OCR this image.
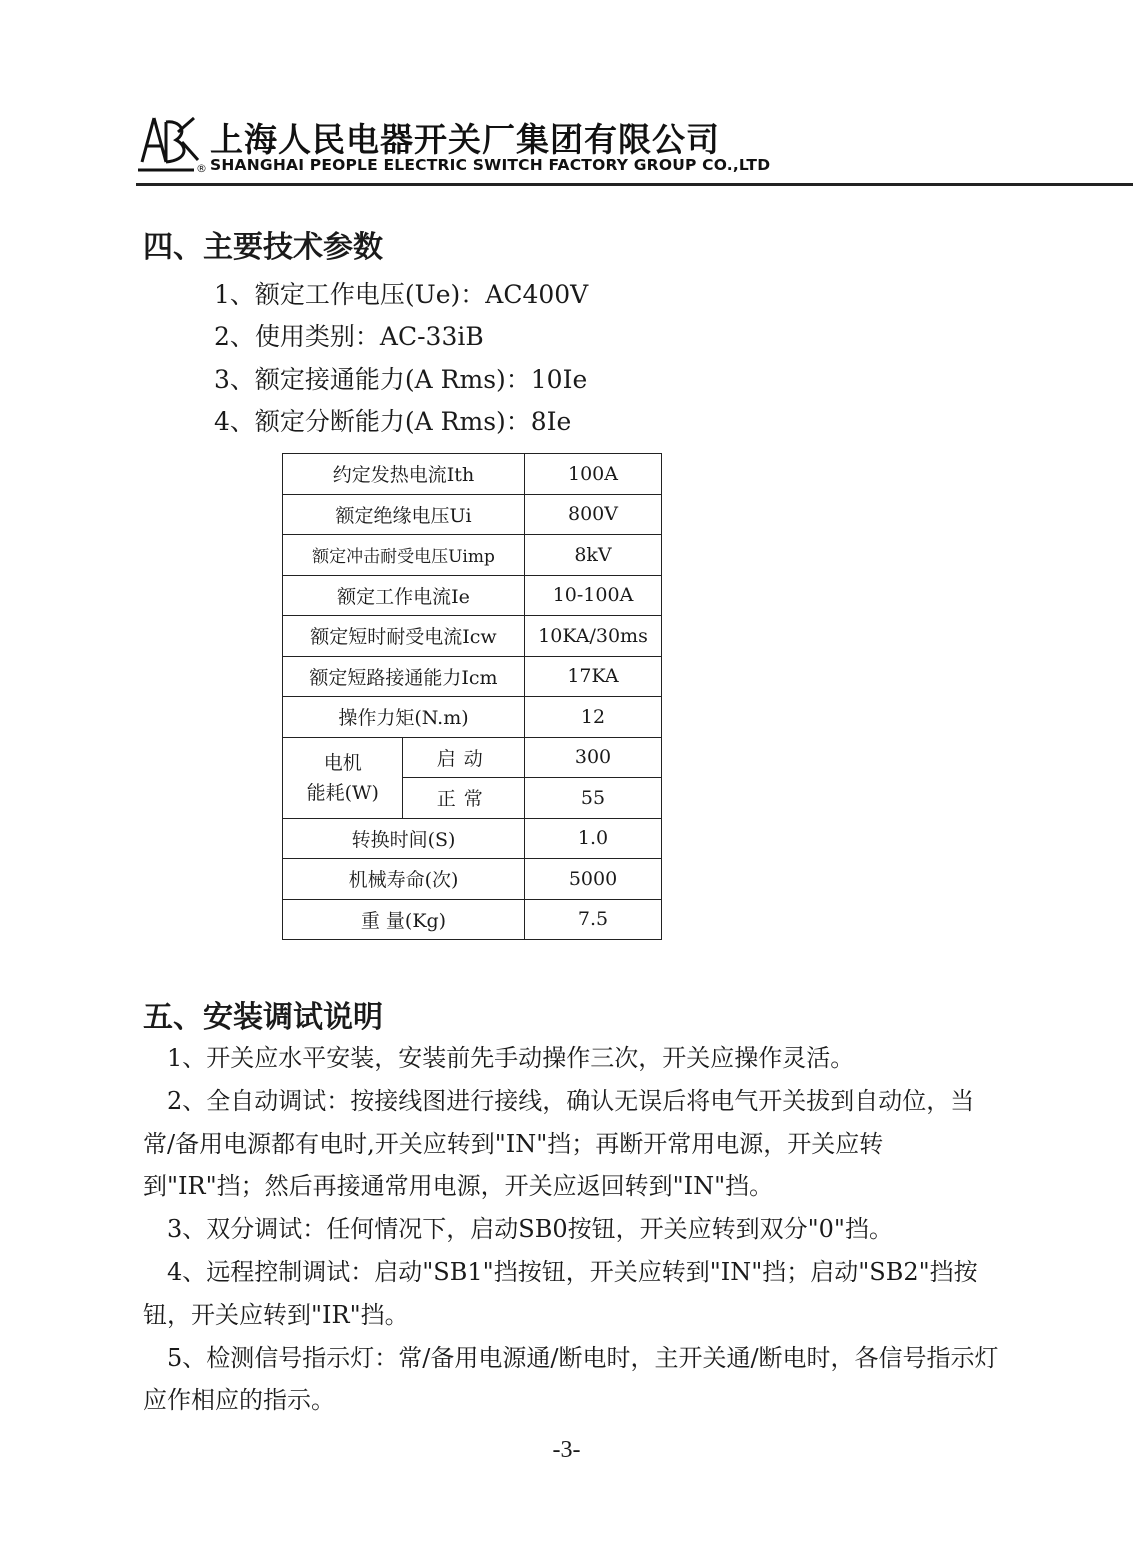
®
上海人民电器开关厂集团有限公司
SHANGHAI PEOPLE ELECTRIC SWITCH FACTORY GROUP CO.,LTD
四、主要技术参数
1、额定工作电压(Ue)：AC400V
2、使用类别：AC-33iB
3、额定接通能力(A Rms)：10Ie
4、额定分断能力(A Rms)：8Ie
约定发热电流Ith		100A
额定绝缘电压Ui		800V
额定冲击耐受电压Uimp		8kV
额定工作电流Ie		10-100A
额定短时耐受电流Icw		10KA/30ms
额定短路接通能力Icm		17KA
操作力矩(N.m)		12
电机
能耗(W)	启动	300
	正常	55
转换时间(S)		1.0
机械寿命(次)		5000
重 量(Kg)		7.5
五、安装调试说明

1、开关应水平安装，安装前先手动操作三次，开关应操作灵活。

2、全自动调试：按接线图进行接线，确认无误后将电气开关拔到自动位，当常/备用电源都有电时,开关应转到"IN"挡；再断开常用电源，开关应转到"IR"挡；然后再接通常用电源，开关应返回转到"IN"挡。

3、双分调试：任何情况下，启动SB0按钮，开关应转到双分"0"挡。

4、远程控制调试：启动"SB1"挡按钮，开关应转到"IN"挡；启动"SB2"挡按钮，开关应转到"IR"挡。

5、检测信号指示灯：常/备用电源通/断电时，主开关通/断电时，各信号指示灯应作相应的指示。

-3-
